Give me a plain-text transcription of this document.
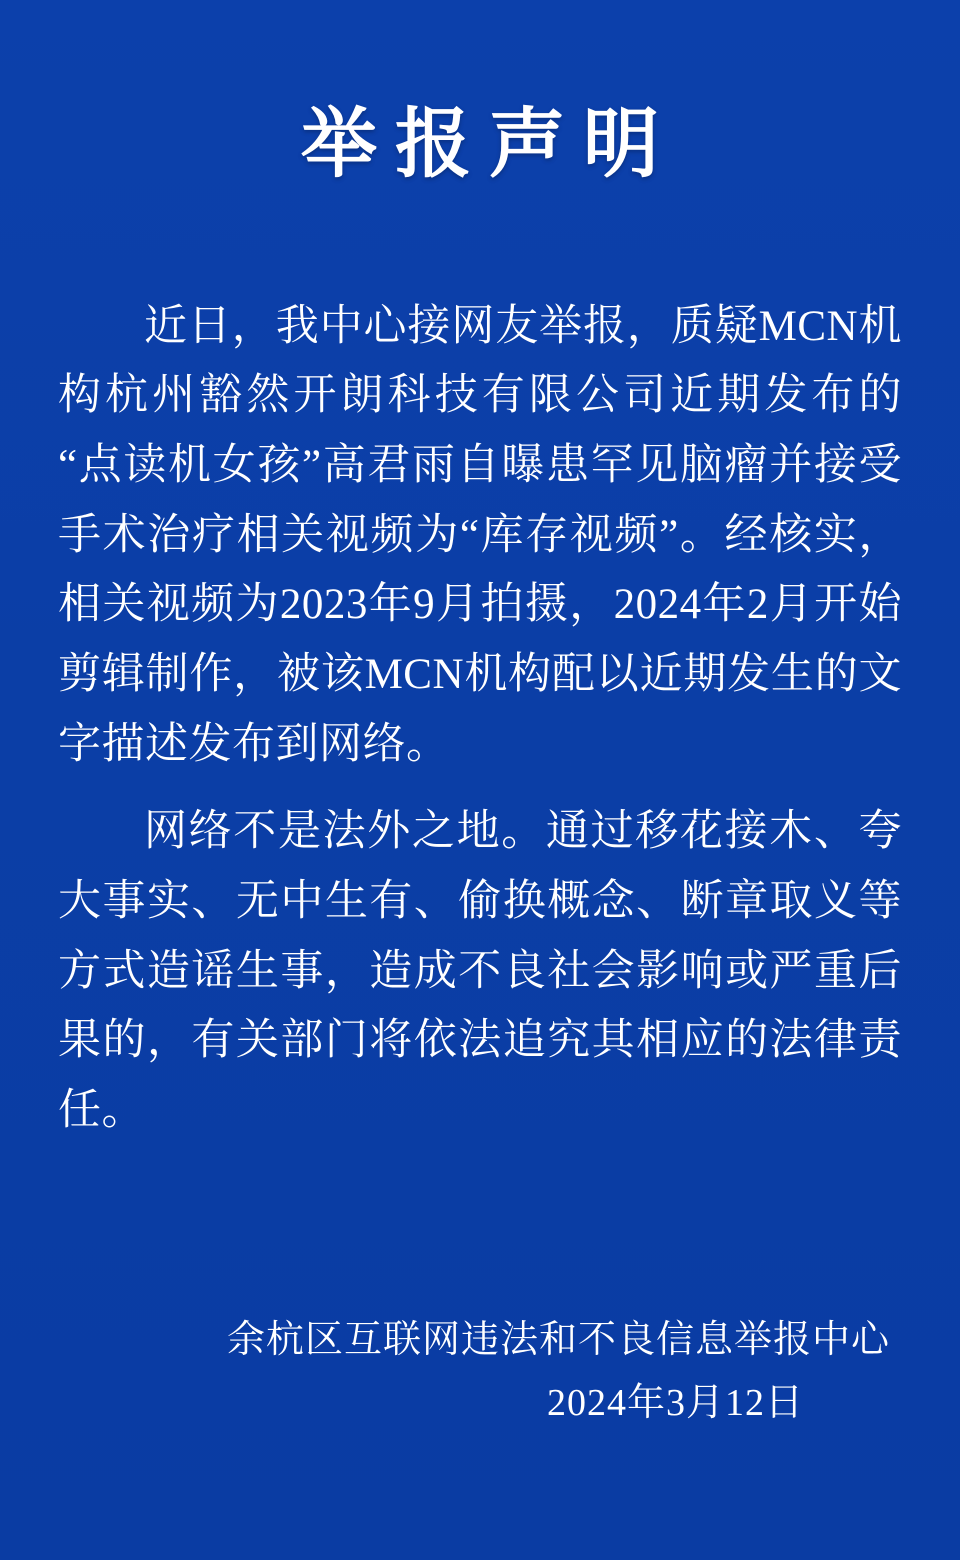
举报声明

近日，我中心接网友举报，质疑MCN机构杭州豁然开朗科技有限公司近期发布的“点读机女孩”高君雨自曝患罕见脑瘤并接受手术治疗相关视频为“库存视频”。经核实，相关视频为2023年9月拍摄，2024年2月开始剪辑制作，被该MCN机构配以近期发生的文字描述发布到网络。

网络不是法外之地。通过移花接木、夸大事实、无中生有、偷换概念、断章取义等方式造谣生事，造成不良社会影响或严重后果的，有关部门将依法追究其相应的法律责任。

余杭区互联网违法和不良信息举报中心
2024年3月12日
